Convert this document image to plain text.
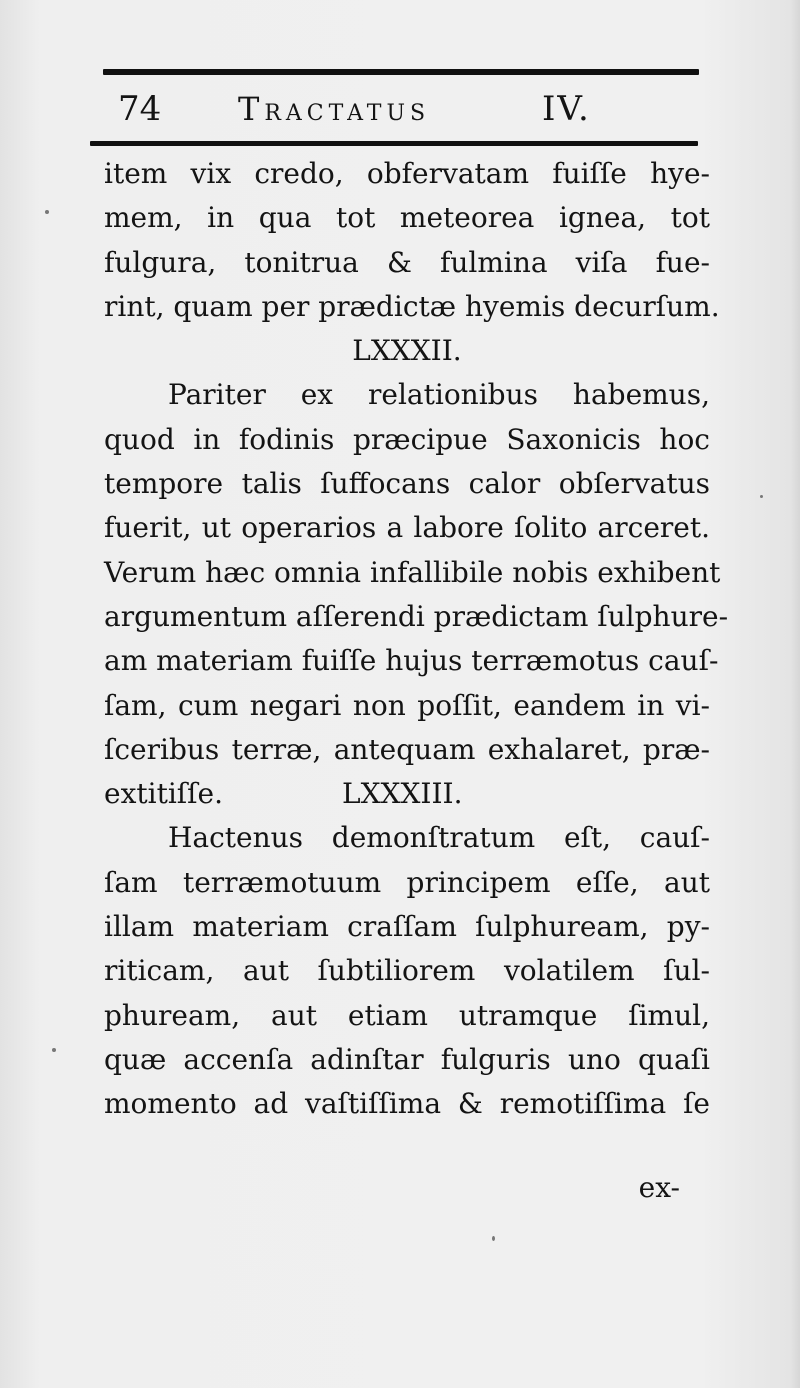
74 Tractatus	IV.
item vix credo, obfervatam fuiſſe hye-
mem, in qua tot meteorea ignea, tot
fulgura, tonitrua & fulmina viſa fue-
rint, quam per prædictæ hyemis decurſum.
LXXXII.
Pariter ex relationibus habemus,
quod in fodinis præcipue Saxonicis hoc
tempore talis ſuffocans calor obſervatus
fuerit, ut operarios a labore ſolito arceret.
Verum hæc omnia infallibile nobis exhibent
argumentum aſſerendi prædictam ſulphure-
am materiam fuiſſe hujus terræmotus cauſ-
ſam, cum negari non poſſit, eandem in vi-
ſceribus terræ, antequam exhalaret, præ-
extitiſſe.	LXXXIII.
Hactenus demonſtratum eſt, cauſ-
ſam terræmotuum principem eſſe, aut
illam materiam craſſam ſulphuream, py-
riticam, aut ſubtiliorem volatilem ſul-
phuream, aut etiam utramque ſimul,
quæ accenſa adinſtar fulguris uno quaſi
momento ad vaſtiſſima & remotiſſima ſe
ex-
